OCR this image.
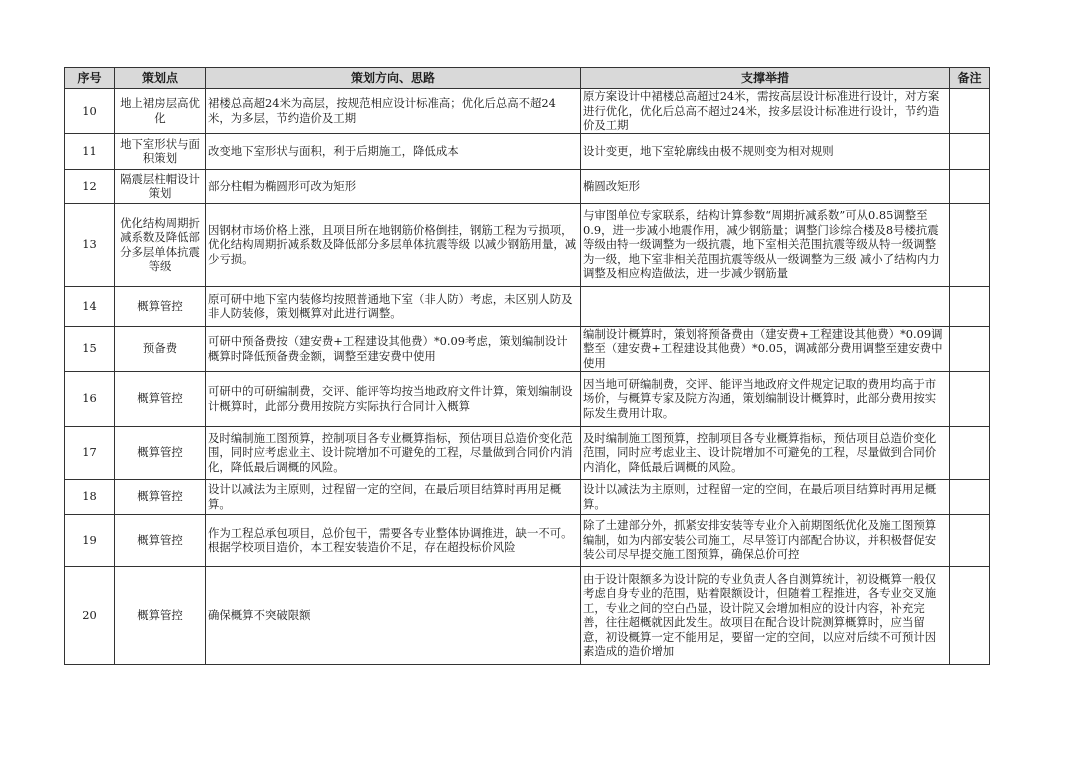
序号	策划点	策划方向、思路	支撑举措	备注
10	地上裙房层高优化	裙楼总高超24米为高层，按规范相应设计标准高；优化后总高不超24米，为多层，节约造价及工期	原方案设计中裙楼总高超过24米，需按高层设计标准进行设计，对方案进行优化，优化后总高不超过24米，按多层设计标准进行设计，节约造价及工期	
11	地下室形状与面积策划	改变地下室形状与面积，利于后期施工，降低成本	设计变更，地下室轮廓线由极不规则变为相对规则	
12	隔震层柱帽设计策划	部分柱帽为椭圆形可改为矩形	椭圆改矩形	
13	优化结构周期折减系数及降低部分多层单体抗震等级	因钢材市场价格上涨，且项目所在地钢筋价格倒挂，钢筋工程为亏损项，优化结构周期折减系数及降低部分多层单体抗震等级 以减少钢筋用量，减少亏损。	与审图单位专家联系，结构计算参数“周期折减系数”可从0.85调整至0.9，进一步减小地震作用，减少钢筋量；调整门诊综合楼及8号楼抗震等级由特一级调整为一级抗震，地下室相关范围抗震等级从特一级调整为一级，地下室非相关范围抗震等级从一级调整为三级 减小了结构内力调整及相应构造做法，进一步减少钢筋量	
14	概算管控	原可研中地下室内装修均按照普通地下室（非人防）考虑，未区别人防及非人防装修，策划概算对此进行调整。		
15	预备费	可研中预备费按（建安费+工程建设其他费）*0.09考虑，策划编制设计概算时降低预备费金额，调整至建安费中使用	编制设计概算时，策划将预备费由（建安费+工程建设其他费）*0.09调整至（建安费+工程建设其他费）*0.05，调减部分费用调整至建安费中使用	
16	概算管控	可研中的可研编制费，交评、能评等均按当地政府文件计算，策划编制设计概算时，此部分费用按院方实际执行合同计入概算	因当地可研编制费，交评、能评当地政府文件规定记取的费用均高于市场价，与概算专家及院方沟通，策划编制设计概算时，此部分费用按实际发生费用计取。	
17	概算管控	及时编制施工图预算，控制项目各专业概算指标，预估项目总造价变化范围，同时应考虑业主、设计院增加不可避免的工程，尽量做到合同价内消化，降低最后调概的风险。	及时编制施工图预算，控制项目各专业概算指标，预估项目总造价变化范围，同时应考虑业主、设计院增加不可避免的工程，尽量做到合同价内消化，降低最后调概的风险。	
18	概算管控	设计以减法为主原则，过程留一定的空间，在最后项目结算时再用足概算。	设计以减法为主原则，过程留一定的空间，在最后项目结算时再用足概算。	
19	概算管控	作为工程总承包项目，总价包干，需要各专业整体协调推进，缺一不可。根据学校项目造价，本工程安装造价不足，存在超投标价风险	除了土建部分外，抓紧安排安装等专业介入前期图纸优化及施工图预算编制，如为内部安装公司施工，尽早签订内部配合协议，并积极督促安装公司尽早提交施工图预算，确保总价可控	
20	概算管控	确保概算不突破限额	由于设计限额多为设计院的专业负责人各自测算统计，初设概算一般仅考虑自身专业的范围，贴着限额设计，但随着工程推进，各专业交叉施工，专业之间的空白凸显，设计院又会增加相应的设计内容，补充完善，往往超概就因此发生。故项目在配合设计院测算概算时，应当留意，初设概算一定不能用足，要留一定的空间，以应对后续不可预计因素造成的造价增加	
